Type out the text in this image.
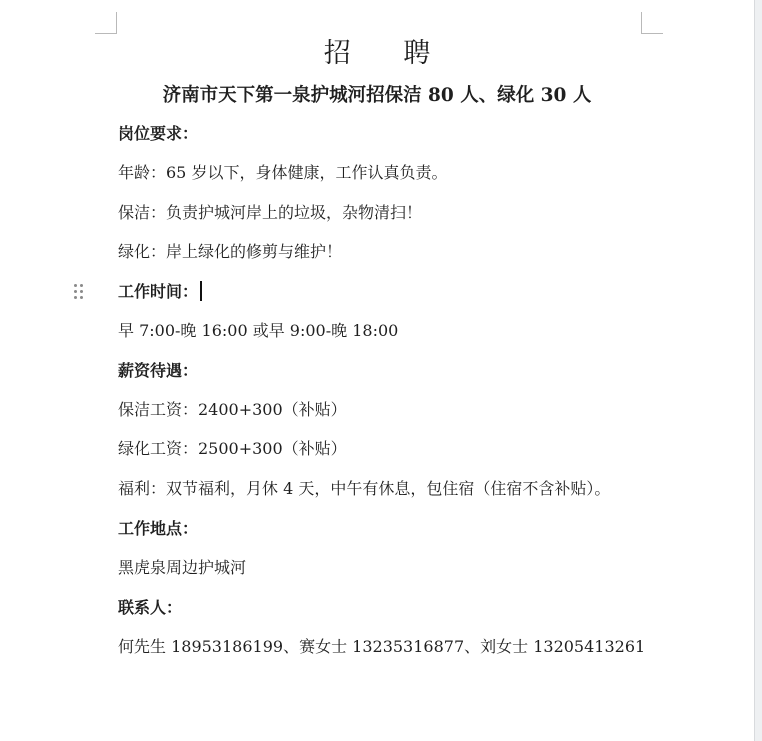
招 聘
济南市天下第一泉护城河招保洁 80 人、绿化 30 人

岗位要求：

年龄：65 岁以下，身体健康，工作认真负责。

保洁：负责护城河岸上的垃圾，杂物清扫！

绿化：岸上绿化的修剪与维护！

工作时间：

早 7:00-晚 16:00 或早 9:00-晚 18:00

薪资待遇：

保洁工资：2400+300（补贴）

绿化工资：2500+300（补贴）

福利：双节福利，月休 4 天，中午有休息，包住宿（住宿不含补贴）。

工作地点：

黑虎泉周边护城河

联系人：

何先生 18953186199、赛女士 13235316877、刘女士 13205413261
